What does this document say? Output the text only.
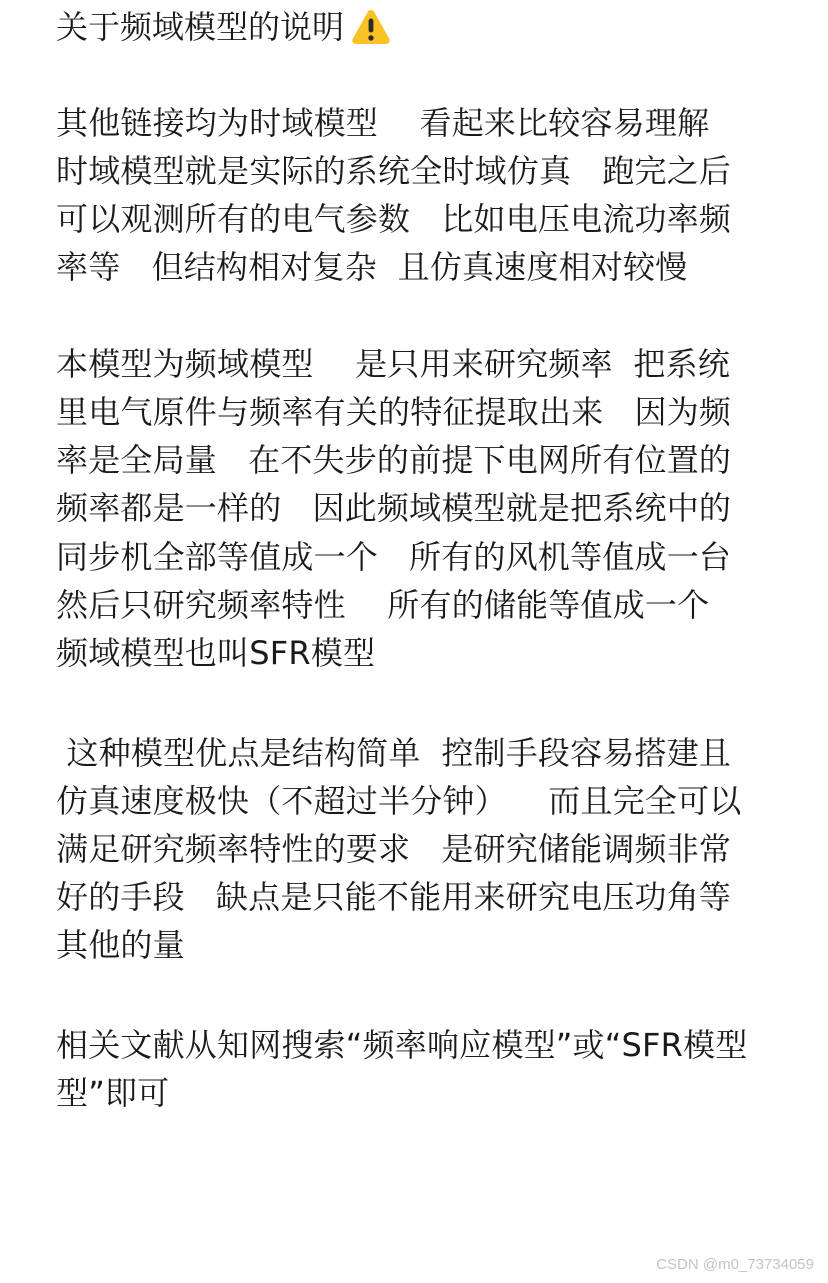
关于频域模型的说明
其他链接均为时域模型    看起来比较容易理解
时域模型就是实际的系统全时域仿真   跑完之后
可以观测所有的电气参数   比如电压电流功率频
率等   但结构相对复杂  且仿真速度相对较慢
本模型为频域模型    是只用来研究频率  把系统
里电气原件与频率有关的特征提取出来   因为频
率是全局量   在不失步的前提下电网所有位置的
频率都是一样的   因此频域模型就是把系统中的
同步机全部等值成一个   所有的风机等值成一台
然后只研究频率特性    所有的储能等值成一个
频域模型也叫SFR模型
这种模型优点是结构简单  控制手段容易搭建且
仿真速度极快（不超过半分钟）    而且完全可以
满足研究频率特性的要求   是研究储能调频非常
好的手段   缺点是只能不能用来研究电压功角等
其他的量
相关文献从知网搜索“频率响应模型”或“SFR模型
型”即可
CSDN @m0_73734059
